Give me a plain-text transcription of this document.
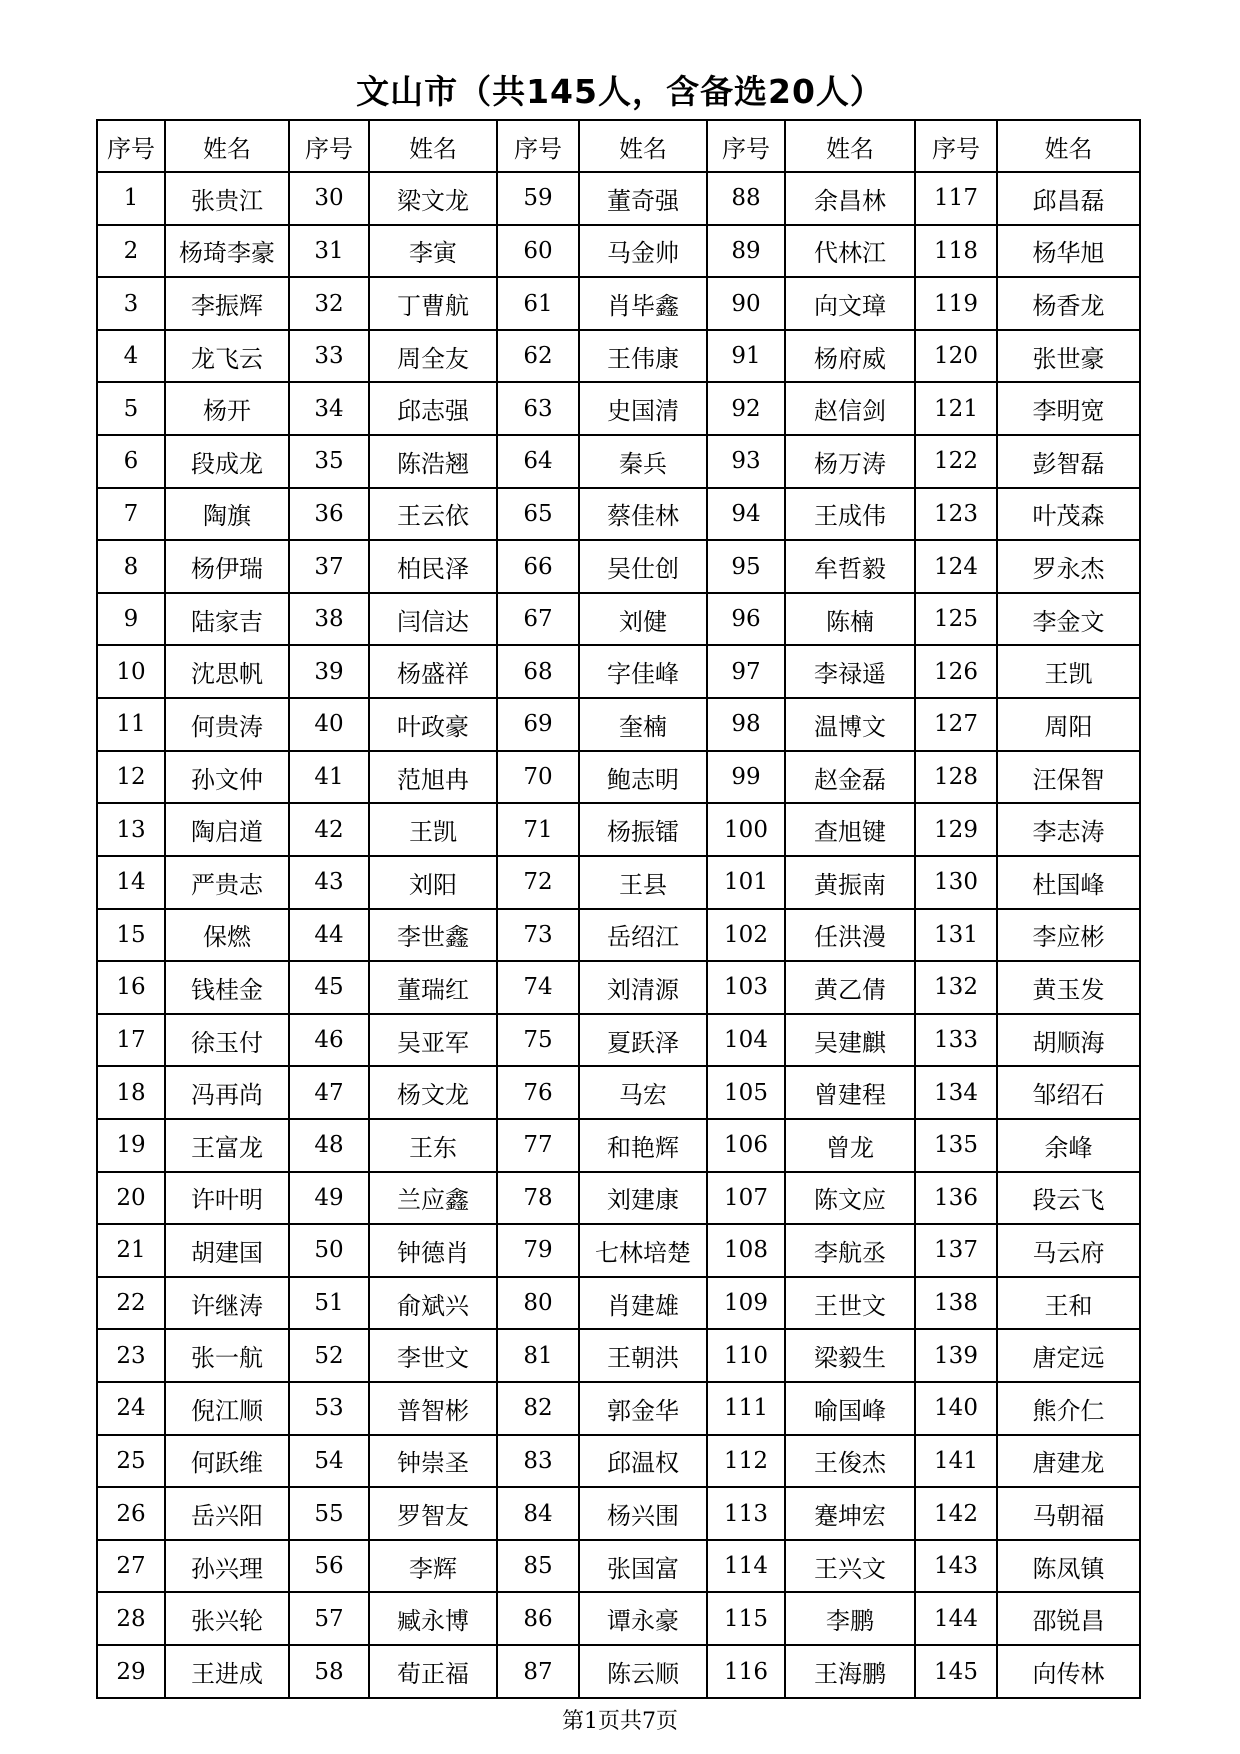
文山市（共145人，含备选20人）
序号	姓名	序号	姓名	序号	姓名	序号	姓名	序号	姓名
1	张贵江	30	梁文龙	59	董奇强	88	余昌林	117	邱昌磊
2	杨琦李豪	31	李寅	60	马金帅	89	代林江	118	杨华旭
3	李振辉	32	丁曹航	61	肖毕鑫	90	向文璋	119	杨香龙
4	龙飞云	33	周全友	62	王伟康	91	杨府威	120	张世豪
5	杨开	34	邱志强	63	史国清	92	赵信剑	121	李明宽
6	段成龙	35	陈浩翘	64	秦兵	93	杨万涛	122	彭智磊
7	陶旗	36	王云依	65	蔡佳林	94	王成伟	123	叶茂森
8	杨伊瑞	37	柏民泽	66	吴仕创	95	牟哲毅	124	罗永杰
9	陆家吉	38	闫信达	67	刘健	96	陈楠	125	李金文
10	沈思帆	39	杨盛祥	68	字佳峰	97	李禄遥	126	王凯
11	何贵涛	40	叶政豪	69	奎楠	98	温博文	127	周阳
12	孙文仲	41	范旭冉	70	鲍志明	99	赵金磊	128	汪保智
13	陶启道	42	王凯	71	杨振镭	100	查旭键	129	李志涛
14	严贵志	43	刘阳	72	王县	101	黄振南	130	杜国峰
15	保燃	44	李世鑫	73	岳绍江	102	任洪漫	131	李应彬
16	钱桂金	45	董瑞红	74	刘清源	103	黄乙倩	132	黄玉发
17	徐玉付	46	吴亚军	75	夏跃泽	104	吴建麒	133	胡顺海
18	冯再尚	47	杨文龙	76	马宏	105	曾建程	134	邹绍石
19	王富龙	48	王东	77	和艳辉	106	曾龙	135	余峰
20	许叶明	49	兰应鑫	78	刘建康	107	陈文应	136	段云飞
21	胡建国	50	钟德肖	79	七林培楚	108	李航丞	137	马云府
22	许继涛	51	俞斌兴	80	肖建雄	109	王世文	138	王和
23	张一航	52	李世文	81	王朝洪	110	梁毅生	139	唐定远
24	倪江顺	53	普智彬	82	郭金华	111	喻国峰	140	熊介仁
25	何跃维	54	钟崇圣	83	邱温权	112	王俊杰	141	唐建龙
26	岳兴阳	55	罗智友	84	杨兴围	113	蹇坤宏	142	马朝福
27	孙兴理	56	李辉	85	张国富	114	王兴文	143	陈凤镇
28	张兴轮	57	臧永博	86	谭永豪	115	李鹏	144	邵锐昌
29	王进成	58	荀正福	87	陈云顺	116	王海鹏	145	向传林
第1页共7页
